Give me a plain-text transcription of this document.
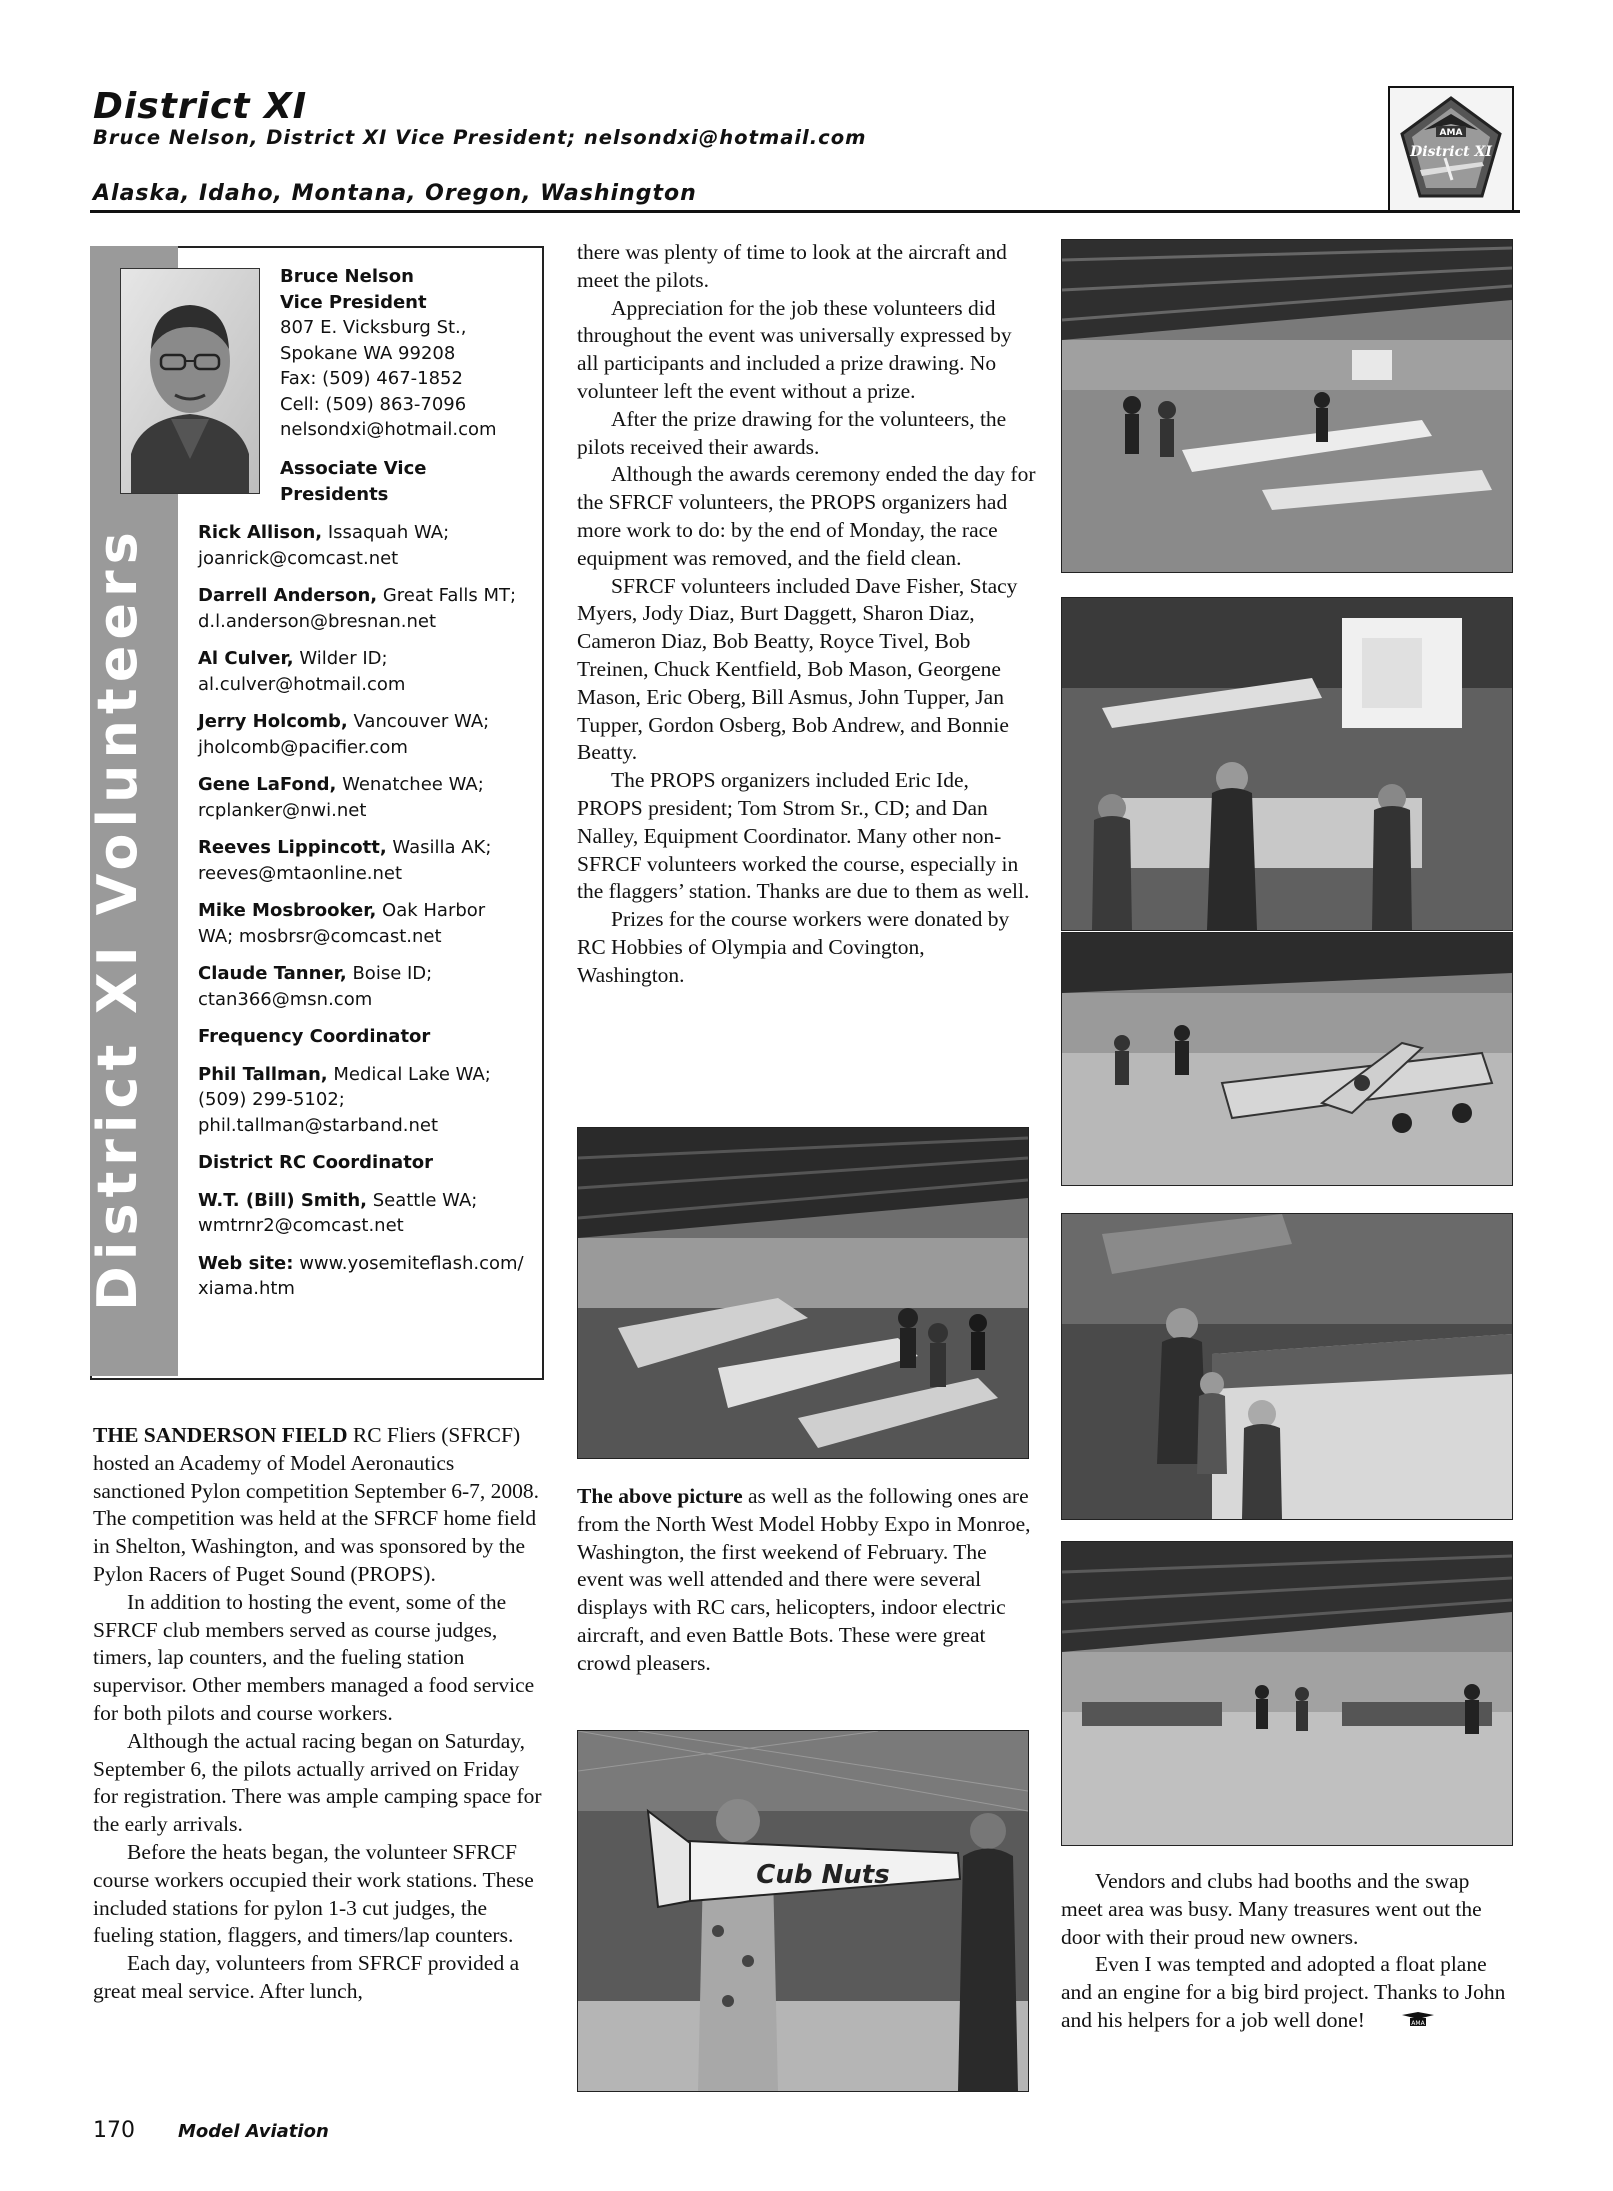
District XI
Bruce Nelson, District XI Vice President; nelsondxi@hotmail.com
Alaska, Idaho, Montana, Oregon, Washington
AMA
District XI
District XI Volunteers
Bruce Nelson
Vice President
807 E. Vicksburg St.,
Spokane WA 99208
Fax: (509) 467-1852
Cell: (509) 863-7096
nelsondxi@hotmail.com
Associate Vice
Presidents
Rick Allison, Issaquah WA;
joanrick@comcast.net
Darrell Anderson, Great Falls MT;
d.l.anderson@bresnan.net
Al Culver, Wilder ID;
al.culver@hotmail.com
Jerry Holcomb, Vancouver WA;
jholcomb@pacifier.com
Gene LaFond, Wenatchee WA;
rcplanker@nwi.net
Reeves Lippincott, Wasilla AK;
reeves@mtaonline.net
Mike Mosbrooker, Oak Harbor
WA; mosbrsr@comcast.net
Claude Tanner, Boise ID;
ctan366@msn.com
Frequency Coordinator
Phil Tallman, Medical Lake WA;
(509) 299-5102;
phil.tallman@starband.net
District RC Coordinator
W.T. (Bill) Smith, Seattle WA;
wmtrnr2@comcast.net
Web site: www.yosemiteflash.com/
xiama.htm

THE SANDERSON FIELD RC Fliers (SFRCF) hosted an Academy of Model Aeronautics sanctioned Pylon competition September 6-7, 2008. The competition was held at the SFRCF home field in Shelton, Washington, and was sponsored by the Pylon Racers of Puget Sound (PROPS).

In addition to hosting the event, some of the SFRCF club members served as course judges, timers, lap counters, and the fueling station supervisor. Other members managed a food service for both pilots and course workers.

Although the actual racing began on Saturday, September 6, the pilots actually arrived on Friday for registration. There was ample camping space for the early arrivals.

Before the heats began, the volunteer SFRCF course workers occupied their work stations. These included stations for pylon 1-3 cut judges, the fueling station, flaggers, and timers/lap counters.

Each day, volunteers from SFRCF provided a great meal service. After lunch,

there was plenty of time to look at the aircraft and meet the pilots.

Appreciation for the job these volunteers did throughout the event was universally expressed by all participants and included a prize drawing. No volunteer left the event without a prize.

After the prize drawing for the volunteers, the pilots received their awards.

Although the awards ceremony ended the day for the SFRCF volunteers, the PROPS organizers had more work to do: by the end of Monday, the race equipment was removed, and the field clean.

SFRCF volunteers included Dave Fisher, Stacy Myers, Jody Diaz, Burt Daggett, Sharon Diaz, Cameron Diaz, Bob Beatty, Royce Tivel, Bob Treinen, Chuck Kentfield, Bob Mason, Georgene Mason, Eric Oberg, Bill Asmus, John Tupper, Jan Tupper, Gordon Osberg, Bob Andrew, and Bonnie Beatty.

The PROPS organizers included Eric Ide, PROPS president; Tom Strom Sr., CD; and Dan Nalley, Equipment Coordinator. Many other non-SFRCF volunteers worked the course, especially in the flaggers’ station. Thanks are due to them as well.

Prizes for the course workers were donated by RC Hobbies of Olympia and Covington, Washington.

The above picture as well as the following ones are from the North West Model Hobby Expo in Monroe, Washington, the first weekend of February. The event was well attended and there were several displays with RC cars, helicopters, indoor electric aircraft, and even Battle Bots. These were great crowd pleasers.

Cub Nuts	Vendors and clubs had booths and the swap meet area was busy. Many treasures went out the door with their proud new owners.

Even I was tempted and adopted a float plane and an engine for a big bird project. Thanks to John and his helpers for a job well done!	AMA

170 Model Aviation
